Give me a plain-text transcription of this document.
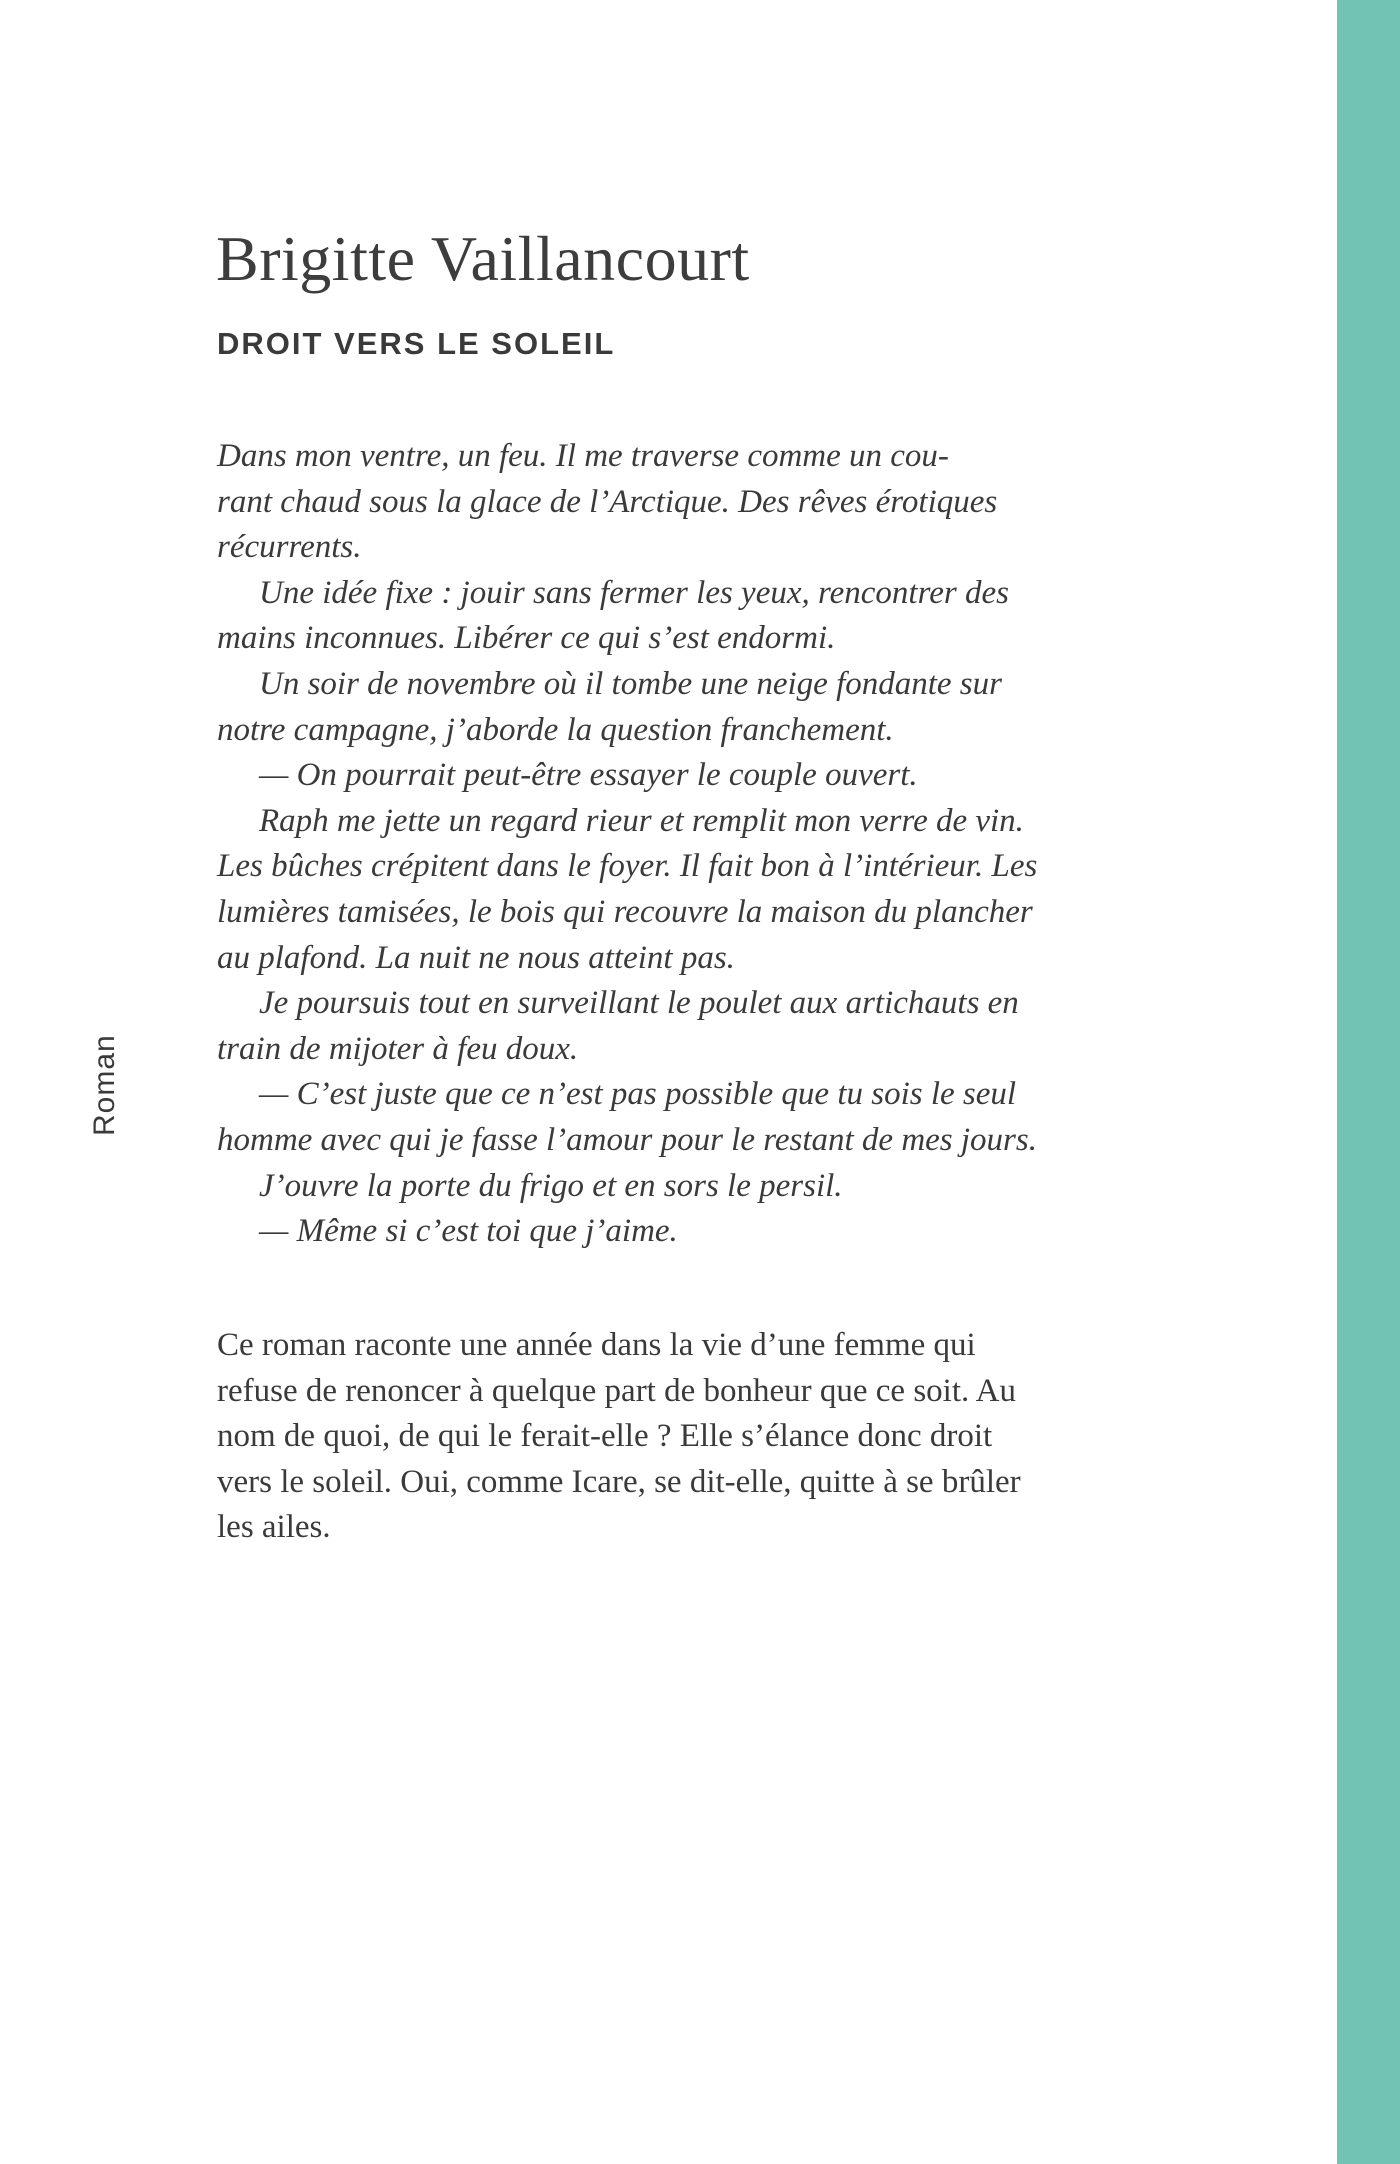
Brigitte Vaillancourt
DROIT VERS LE SOLEIL
Roman
Dans mon ventre, un feu. Il me traverse comme un cou-
rant chaud sous la glace de l’Arctique. Des rêves érotiques
récurrents.
Une idée fixe : jouir sans fermer les yeux, rencontrer des
mains inconnues. Libérer ce qui s’est endormi.
Un soir de novembre où il tombe une neige fondante sur
notre campagne, j’aborde la question franchement.
— On pourrait peut-être essayer le couple ouvert.
Raph me jette un regard rieur et remplit mon verre de vin.
Les bûches crépitent dans le foyer. Il fait bon à l’intérieur. Les
lumières tamisées, le bois qui recouvre la maison du plancher
au plafond. La nuit ne nous atteint pas.
Je poursuis tout en surveillant le poulet aux artichauts en
train de mijoter à feu doux.
— C’est juste que ce n’est pas possible que tu sois le seul
homme avec qui je fasse l’amour pour le restant de mes jours.
J’ouvre la porte du frigo et en sors le persil.
— Même si c’est toi que j’aime.
Ce roman raconte une année dans la vie d’une femme qui
refuse de renoncer à quelque part de bonheur que ce soit. Au
nom de quoi, de qui le ferait-elle ? Elle s’élance donc droit
vers le soleil. Oui, comme Icare, se dit-elle, quitte à se brûler
les ailes.
